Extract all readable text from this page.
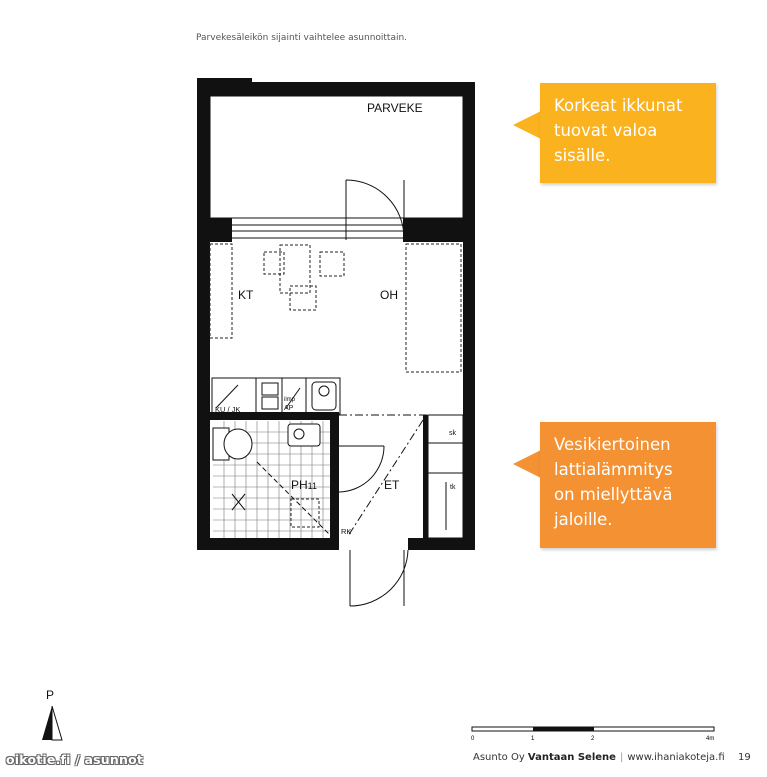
Parvekesäleikön sijainti vaihtelee asunnoittain.
PARVEKE
KT	OH
KU / JK
ilmp
AP
sk
tk
PH11	ET
RK
Korkeat ikkunat
tuovat valoa
sisälle.
Vesikiertoinen
lattialämmitys
on miellyttävä
jaloille.
P
0	1	2	4m
Asunto Oy Vantaan Selene | www.ihaniakoteja.fi 19
oikotie.fi / asunnot
